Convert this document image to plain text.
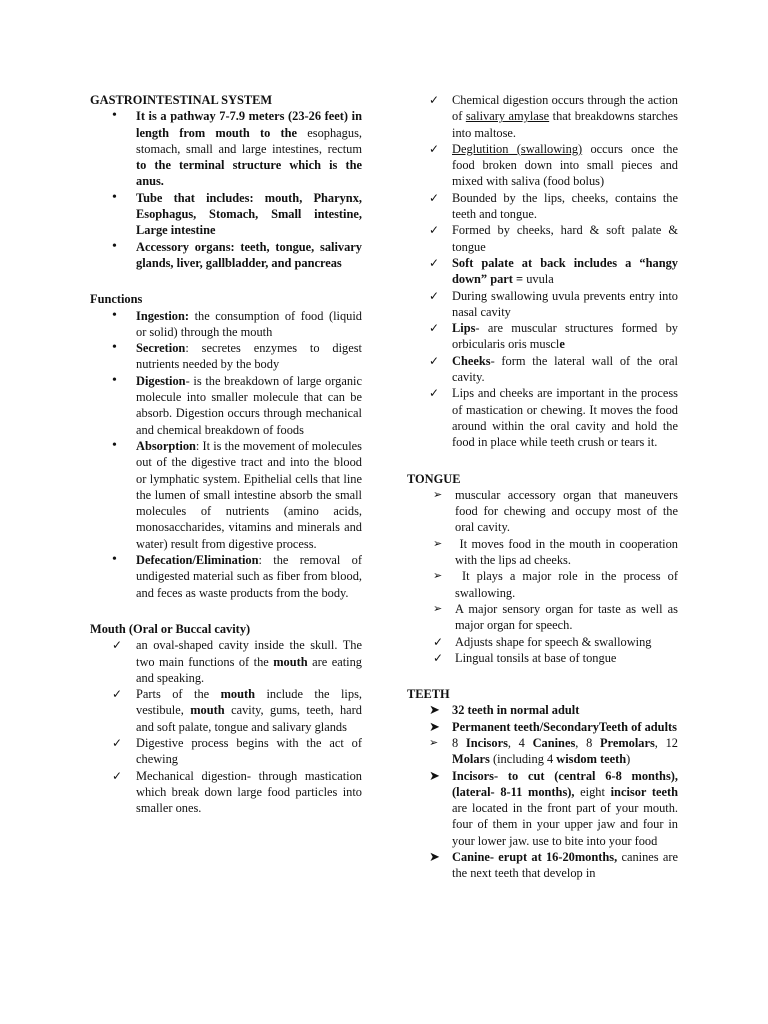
GASTROINTESTINAL SYSTEM
• It is a pathway 7-7.9 meters (23-26 feet) in length from mouth to the esophagus, stomach, small and large intestines, rectum to the terminal structure which is the anus.
• Tube that includes: mouth, Pharynx, Esophagus, Stomach, Small intestine, Large intestine
• Accessory organs: teeth, tongue, salivary glands, liver, gallbladder, and pancreas
Functions
• Ingestion: the consumption of food (liquid or solid) through the mouth
• Secretion: secretes enzymes to digest nutrients needed by the body
• Digestion- is the breakdown of large organic molecule into smaller molecule that can be absorb. Digestion occurs through mechanical and chemical breakdown of foods
• Absorption: It is the movement of molecules out of the digestive tract and into the blood or lymphatic system. Epithelial cells that line the lumen of small intestine absorb the small molecules of nutrients (amino acids, monosaccharides, vitamins and minerals and water) result from digestive process.
• Defecation/Elimination: the removal of undigested material such as fiber from blood, and feces as waste products from the body.
Mouth (Oral or Buccal cavity)
✓ an oval-shaped cavity inside the skull. The two main functions of the mouth are eating and speaking.
✓ Parts of the mouth include the lips, vestibule, mouth cavity, gums, teeth, hard and soft palate, tongue and salivary glands
✓ Digestive process begins with the act of chewing
✓ Mechanical digestion- through mastication which break down large food particles into smaller ones.
✓ Chemical digestion occurs through the action of salivary amylase that breakdowns starches into maltose.
✓ Deglutition (swallowing) occurs once the food broken down into small pieces and mixed with saliva (food bolus)
✓ Bounded by the lips, cheeks, contains the teeth and tongue.
✓ Formed by cheeks, hard & soft palate & tongue
✓ Soft palate at back includes a “hangy down” part = uvula
✓ During swallowing uvula prevents entry into nasal cavity
✓ Lips- are muscular structures formed by orbicularis oris muscle
✓ Cheeks- form the lateral wall of the oral cavity.
✓ Lips and cheeks are important in the process of mastication or chewing. It moves the food around within the oral cavity and hold the food in place while teeth crush or tears it.
TONGUE
➢ muscular accessory organ that maneuvers food for chewing and occupy most of the oral cavity.
➢ It moves food in the mouth in cooperation with the lips ad cheeks.
➢ It plays a major role in the process of swallowing.
➢ A major sensory organ for taste as well as major organ for speech.
✓ Adjusts shape for speech & swallowing
✓ Lingual tonsils at base of tongue
TEETH
➤ 32 teeth in normal adult
➤ Permanent teeth/SecondaryTeeth of adults
➢ 8 Incisors, 4 Canines, 8 Premolars, 12 Molars (including 4 wisdom teeth)
➤ Incisors- to cut (central 6-8 months), (lateral- 8-11 months), eight incisor teeth are located in the front part of your mouth. four of them in your upper jaw and four in your lower jaw. use to bite into your food
➤ Canine- erupt at 16-20months, canines are the next teeth that develop in
